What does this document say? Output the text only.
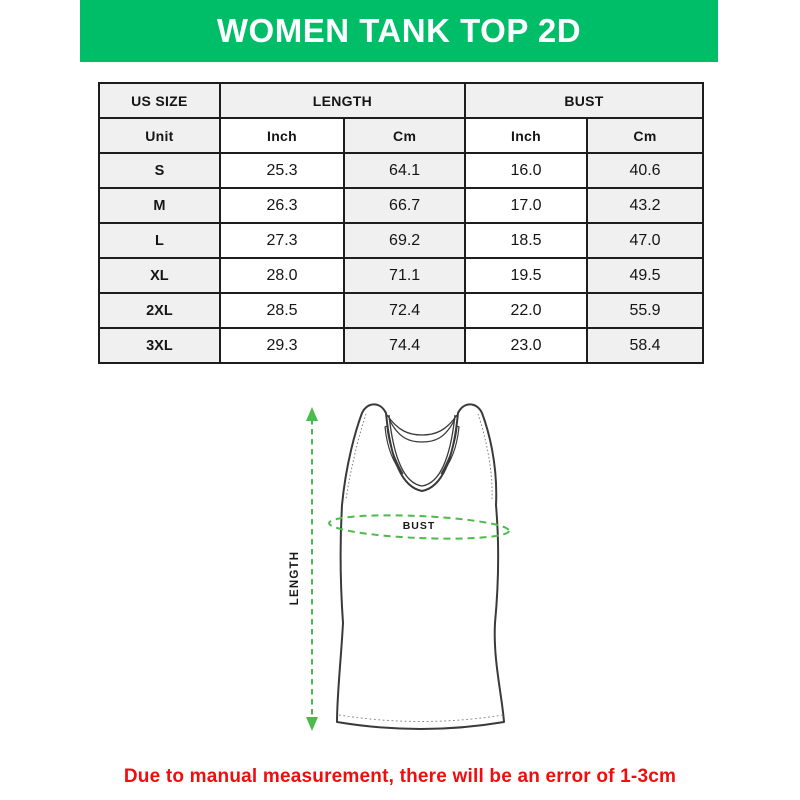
WOMEN TANK TOP 2D
US SIZE	LENGTH		BUST	
Unit	Inch	Cm	Inch	Cm
S	25.3	64.1	16.0	40.6
M	26.3	66.7	17.0	43.2
L	27.3	69.2	18.5	47.0
XL	28.0	71.1	19.5	49.5
2XL	28.5	72.4	22.0	55.9
3XL	29.3	74.4	23.0	58.4
LENGTH
BUST
Due to manual measurement, there will be an error of 1-3cm
